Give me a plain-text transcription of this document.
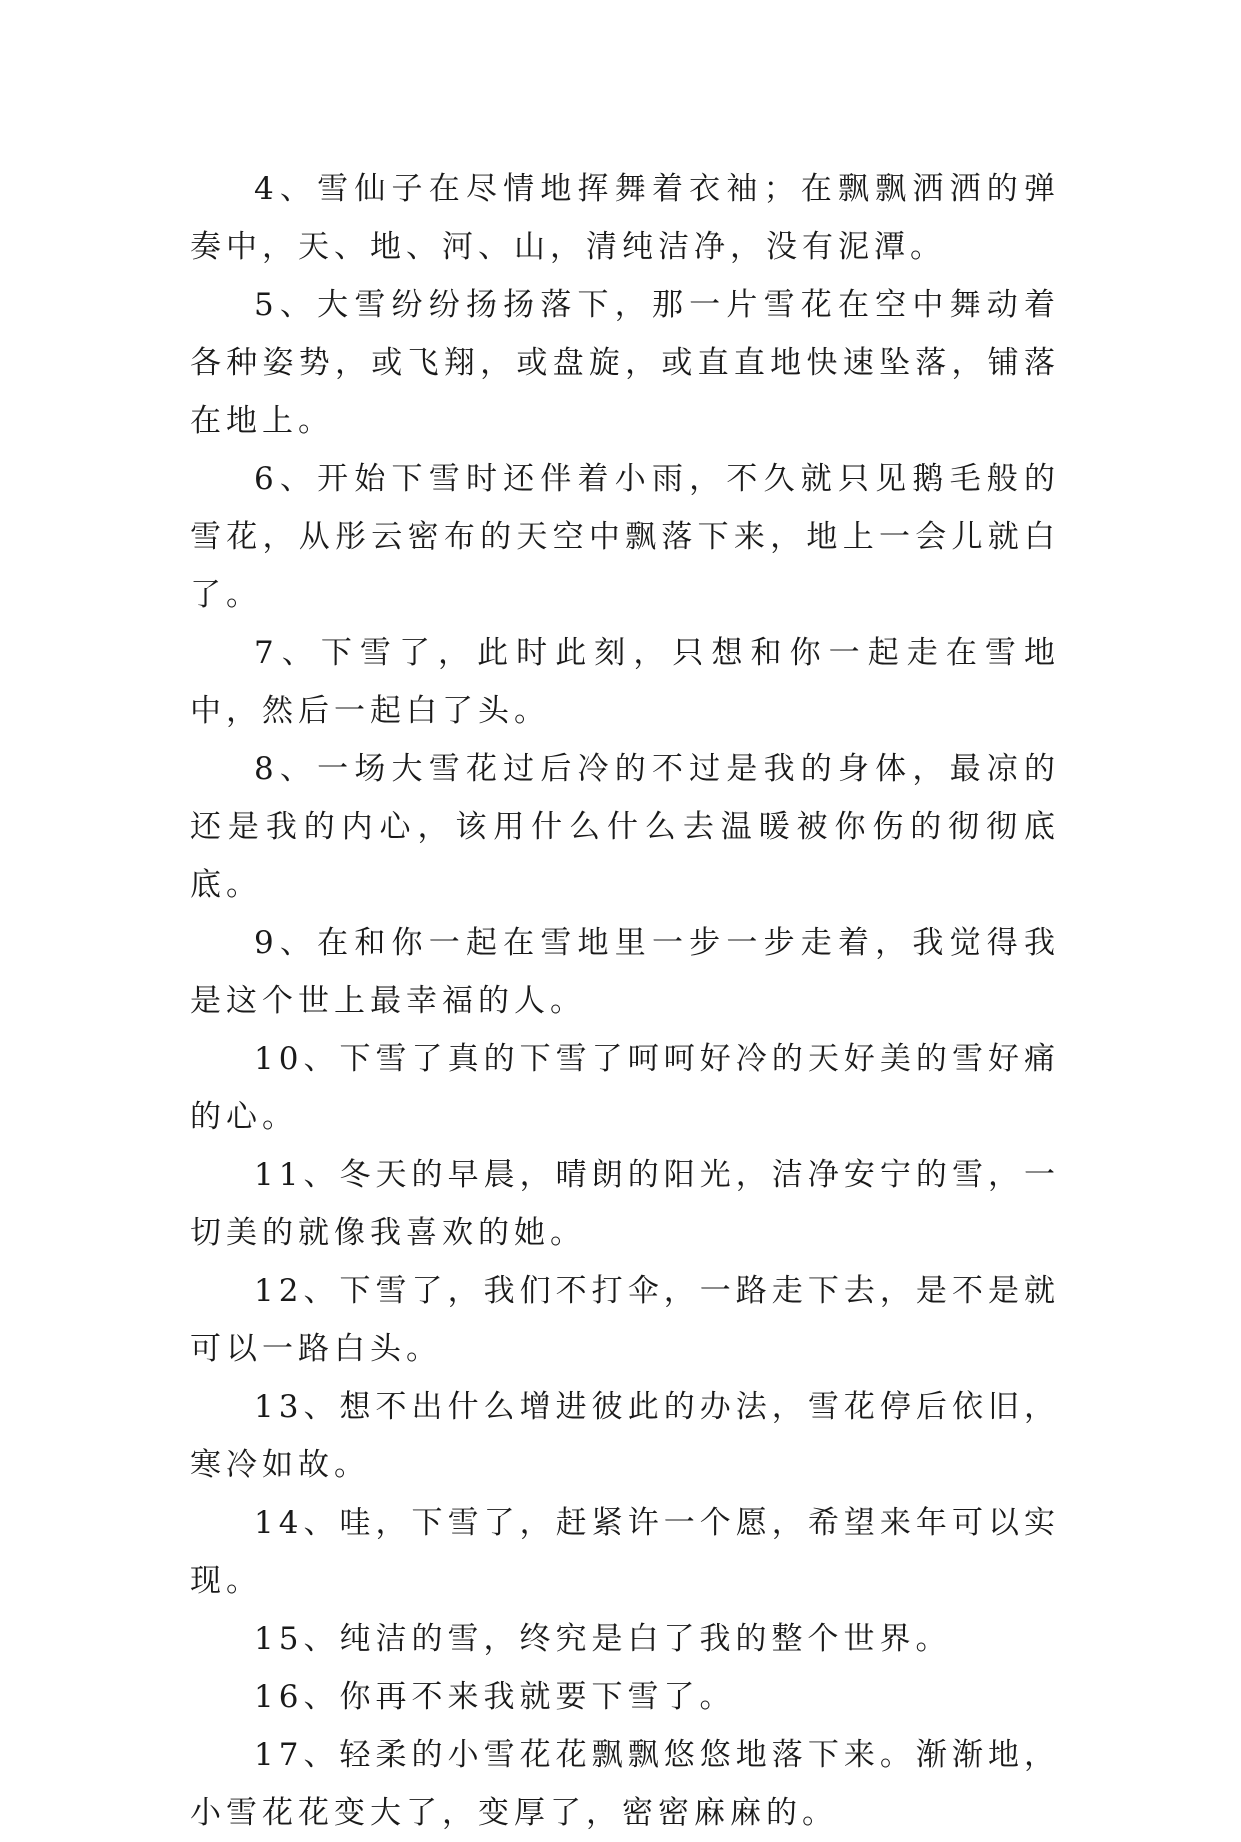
4、雪仙子在尽情地挥舞着衣袖；在飘飘洒洒的弹奏中，天、地、河、山，清纯洁净，没有泥潭。

5、大雪纷纷扬扬落下，那一片雪花在空中舞动着各种姿势，或飞翔，或盘旋，或直直地快速坠落，铺落在地上。

6、开始下雪时还伴着小雨，不久就只见鹅毛般的雪花，从彤云密布的天空中飘落下来，地上一会儿就白了。

7、下雪了，此时此刻，只想和你一起走在雪地中，然后一起白了头。

8、一场大雪花过后冷的不过是我的身体，最凉的还是我的内心，该用什么什么去温暖被你伤的彻彻底底。

9、在和你一起在雪地里一步一步走着，我觉得我是这个世上最幸福的人。

10、下雪了真的下雪了呵呵好冷的天好美的雪好痛的心。

11、冬天的早晨，晴朗的阳光，洁净安宁的雪，一切美的就像我喜欢的她。

12、下雪了，我们不打伞，一路走下去，是不是就可以一路白头。

13、想不出什么增进彼此的办法，雪花停后依旧，寒冷如故。

14、哇，下雪了，赶紧许一个愿，希望来年可以实现。

15、纯洁的雪，终究是白了我的整个世界。

16、你再不来我就要下雪了。

17、轻柔的小雪花花飘飘悠悠地落下来。渐渐地，小雪花花变大了，变厚了，密密麻麻的。
